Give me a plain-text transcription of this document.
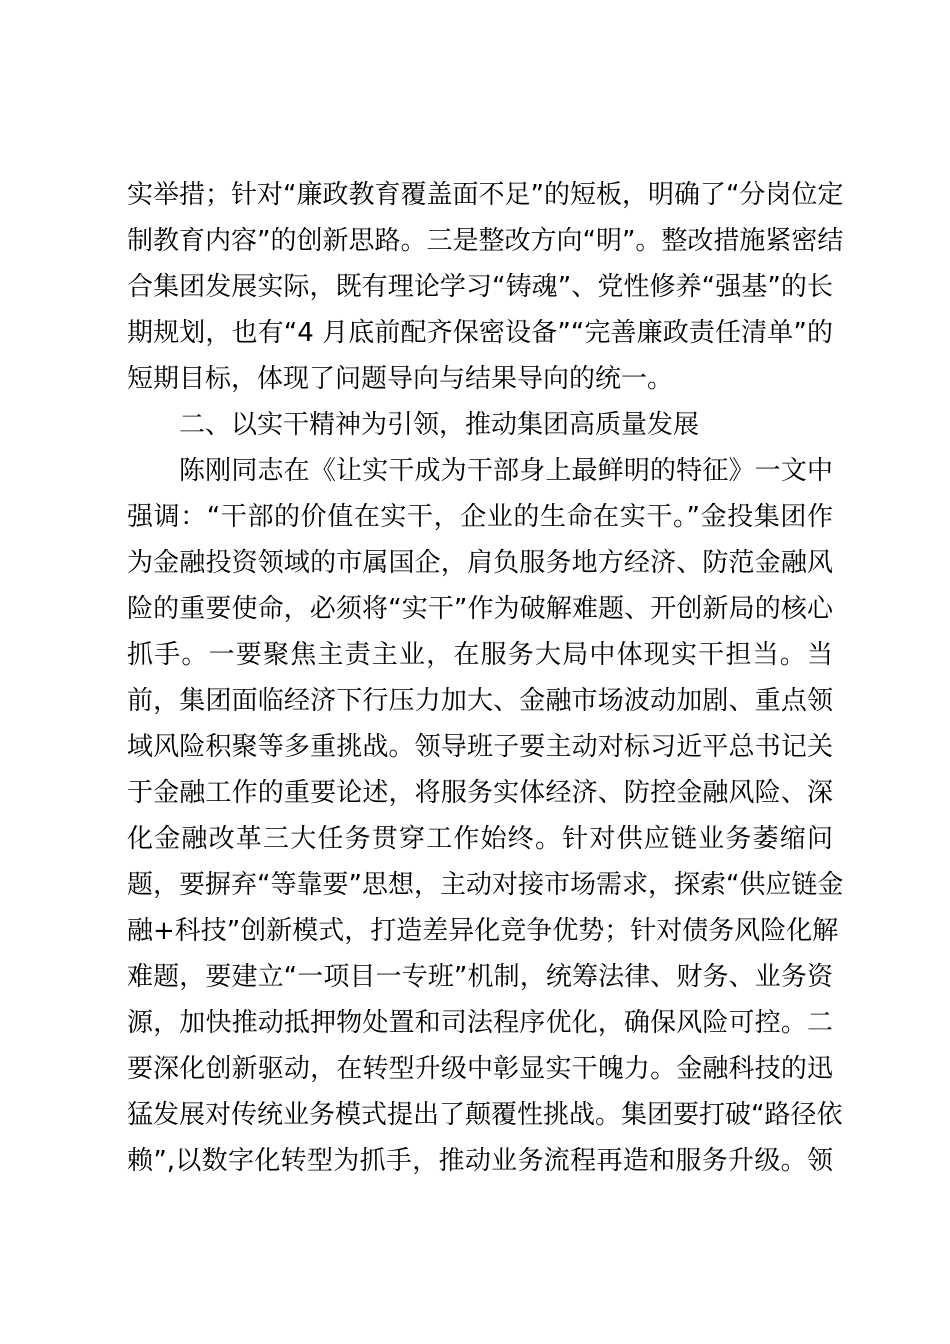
实举措；针对“廉政教育覆盖面不足”的短板，明确了“分岗位定
制教育内容”的创新思路。三是整改方向“明”。整改措施紧密结
合集团发展实际，既有理论学习“铸魂”、党性修养“强基”的长
期规划，也有“4 月底前配齐保密设备”“完善廉政责任清单”的
短期目标，体现了问题导向与结果导向的统一。
二、以实干精神为引领，推动集团高质量发展
陈刚同志在《让实干成为干部身上最鲜明的特征》一文中
强调：“干部的价值在实干，企业的生命在实干。”金投集团作
为金融投资领域的市属国企，肩负服务地方经济、防范金融风
险的重要使命，必须将“实干”作为破解难题、开创新局的核心
抓手。一要聚焦主责主业，在服务大局中体现实干担当。当
前，集团面临经济下行压力加大、金融市场波动加剧、重点领
域风险积聚等多重挑战。领导班子要主动对标习近平总书记关
于金融工作的重要论述，将服务实体经济、防控金融风险、深
化金融改革三大任务贯穿工作始终。针对供应链业务萎缩问
题，要摒弃“等靠要”思想，主动对接市场需求，探索“供应链金
融+科技”创新模式，打造差异化竞争优势；针对债务风险化解
难题，要建立“一项目一专班”机制，统筹法律、财务、业务资
源，加快推动抵押物处置和司法程序优化，确保风险可控。二
要深化创新驱动，在转型升级中彰显实干魄力。金融科技的迅
猛发展对传统业务模式提出了颠覆性挑战。集团要打破“路径依
赖”,以数字化转型为抓手，推动业务流程再造和服务升级。领
